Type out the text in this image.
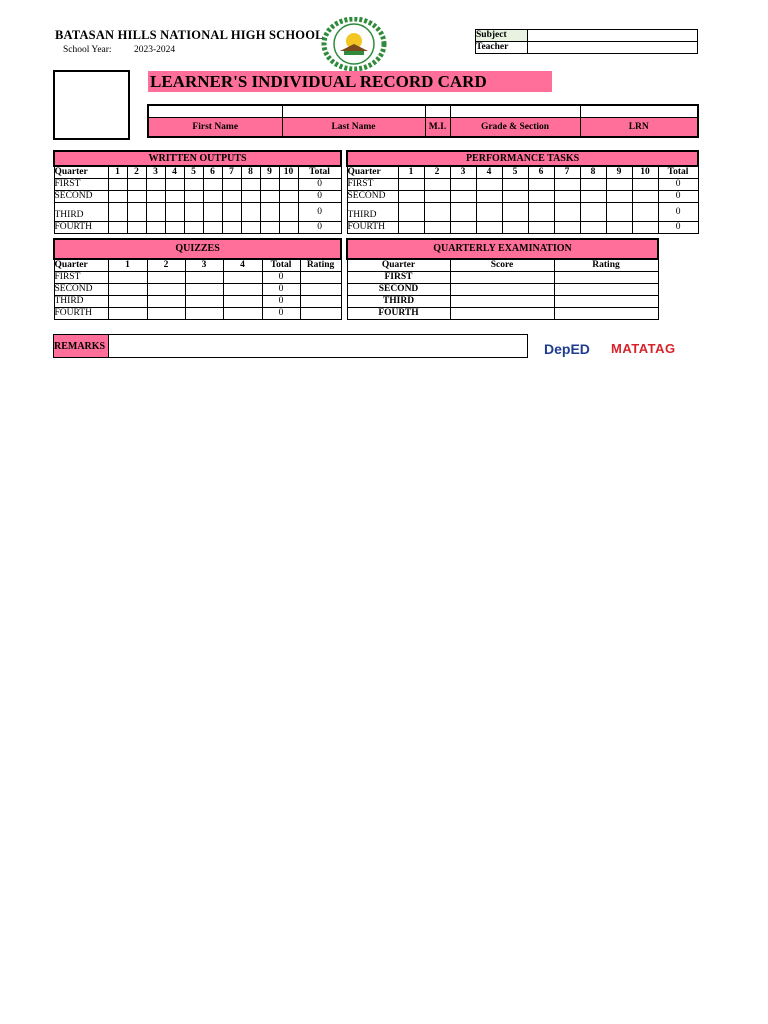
BATASAN HILLS NATIONAL HIGH SCHOOL
School Year: 2023-2024
Subject	
Teacher	
LEARNER'S INDIVIDUAL RECORD CARD

First Name	Last Name	M.I.	Grade & Section	LRN
WRITTEN OUTPUTS											
Quarter	1	2	3	4	5	6	7	8	9	10	Total
FIRST											0
SECOND											0
THIRD											0
FOURTH											0
PERFORMANCE TASKS											
Quarter	1	2	3	4	5	6	7	8	9	10	Total
FIRST											0
SECOND											0
THIRD											0
FOURTH											0
QUIZZES						
Quarter	1	2	3	4	Total	Rating
FIRST					0	
SECOND					0	
THIRD					0	
FOURTH					0	
QUARTERLY EXAMINATION		
Quarter	Score	Rating
FIRST		
SECOND		
THIRD		
FOURTH		
REMARKS		DepED MATATAG
